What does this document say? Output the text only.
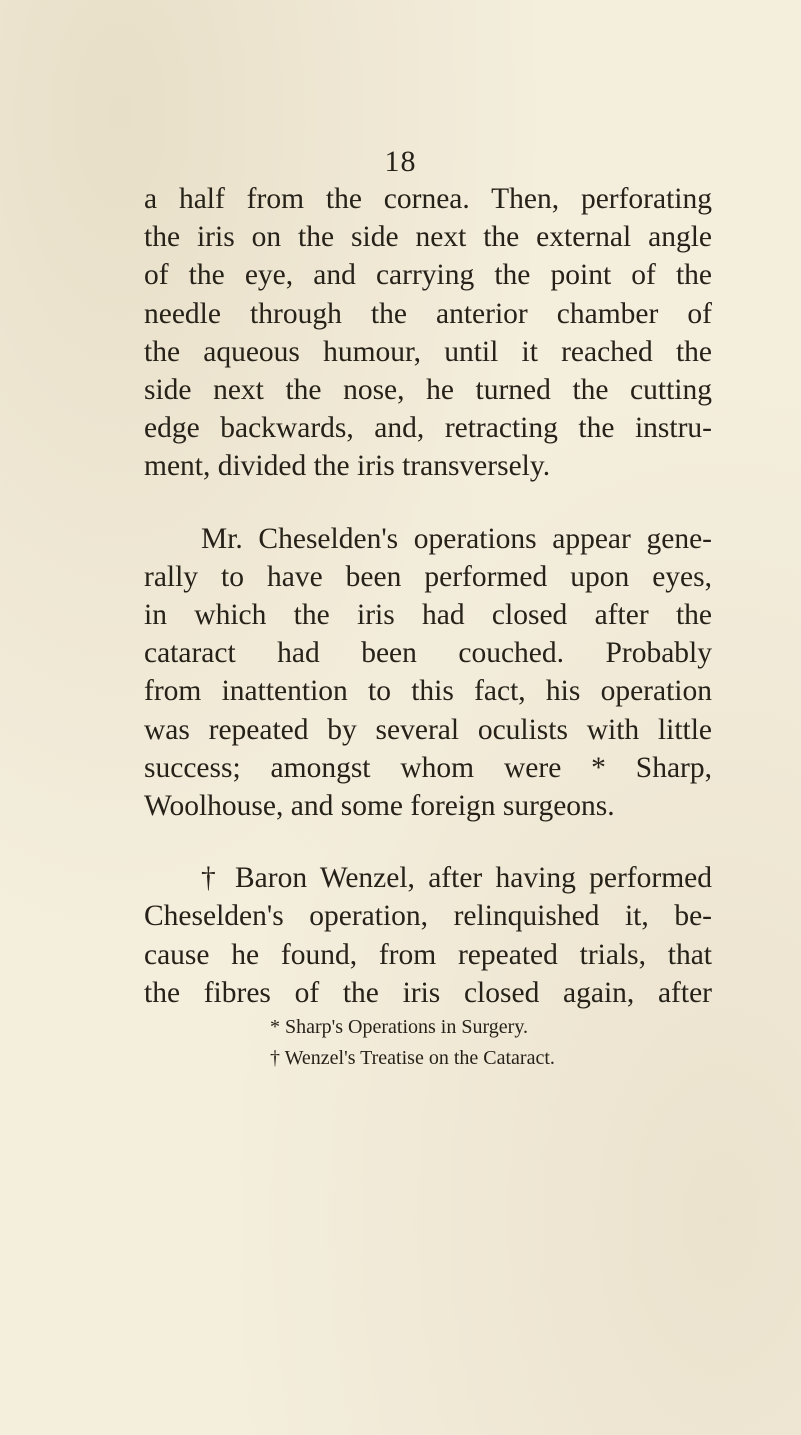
18

a half from the cornea. Then, perforating
the iris on the side next the external angle
of the eye, and carrying the point of the
needle through the anterior chamber of
the aqueous humour, until it reached the
side next the nose, he turned the cutting
edge backwards, and, retracting the instru-
ment, divided the iris transversely.

Mr. Cheselden's operations appear gene-
rally to have been performed upon eyes,
in which the iris had closed after the
cataract had been couched. Probably
from inattention to this fact, his operation
was repeated by several oculists with little
success; amongst whom were * Sharp,
Woolhouse, and some foreign surgeons.

† Baron Wenzel, after having performed
Cheselden's operation, relinquished it, be-
cause he found, from repeated trials, that
the fibres of the iris closed again, after

* Sharp's Operations in Surgery.
† Wenzel's Treatise on the Cataract.
